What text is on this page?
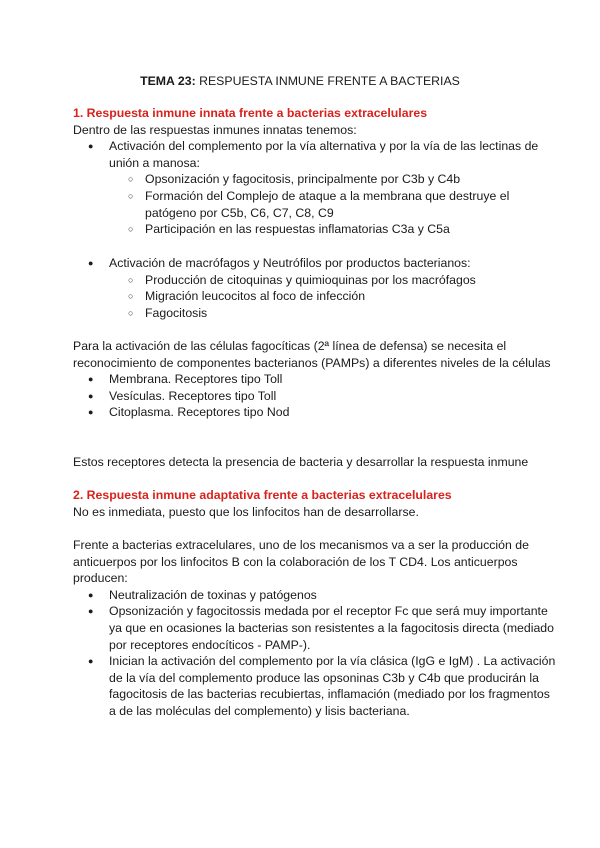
TEMA 23: RESPUESTA INMUNE FRENTE A BACTERIAS

1. Respuesta inmune innata frente a bacterias extracelulares

Dentro de las respuestas inmunes innatas tenemos:

● Activación del complemento por la vía alternativa y por la vía de las lectinas de unión a manosa:
○ Opsonización y fagocitosis, principalmente por C3b y C4b
○ Formación del Complejo de ataque a la membrana que destruye el patógeno por C5b, C6, C7, C8, C9
○ Participación en las respuestas inflamatorias C3a y C5a
● Activación de macrófagos y Neutrófilos por productos bacterianos:
○ Producción de citoquinas y quimioquinas por los macrófagos
○ Migración leucocitos al foco de infección
○ Fagocitosis

Para la activación de las células fagocíticas (2ª línea de defensa) se necesita el reconocimiento de componentes bacterianos (PAMPs) a diferentes niveles de la células

● Membrana. Receptores tipo Toll
● Vesículas. Receptores tipo Toll
● Citoplasma. Receptores tipo Nod

Estos receptores detecta la presencia de bacteria y desarrollar la respuesta inmune

2. Respuesta inmune adaptativa frente a bacterias extracelulares

No es inmediata, puesto que los linfocitos han de desarrollarse.

Frente a bacterias extracelulares, uno de los mecanismos va a ser la producción de anticuerpos por los linfocitos B con la colaboración de los T CD4. Los anticuerpos producen:

● Neutralización de toxinas y patógenos
● Opsonización y fagocitossis medada por el receptor Fc que será muy importante ya que en ocasiones la bacterias son resistentes a la fagocitosis directa (mediado por receptores endocíticos - PAMP-).
● Inician la activación del complemento por la vía clásica (IgG e IgM) . La activación de la vía del complemento produce las opsoninas C3b y C4b que producirán la fagocitosis de las bacterias recubiertas, inflamación (mediado por los fragmentos a de las moléculas del complemento) y lisis bacteriana.
